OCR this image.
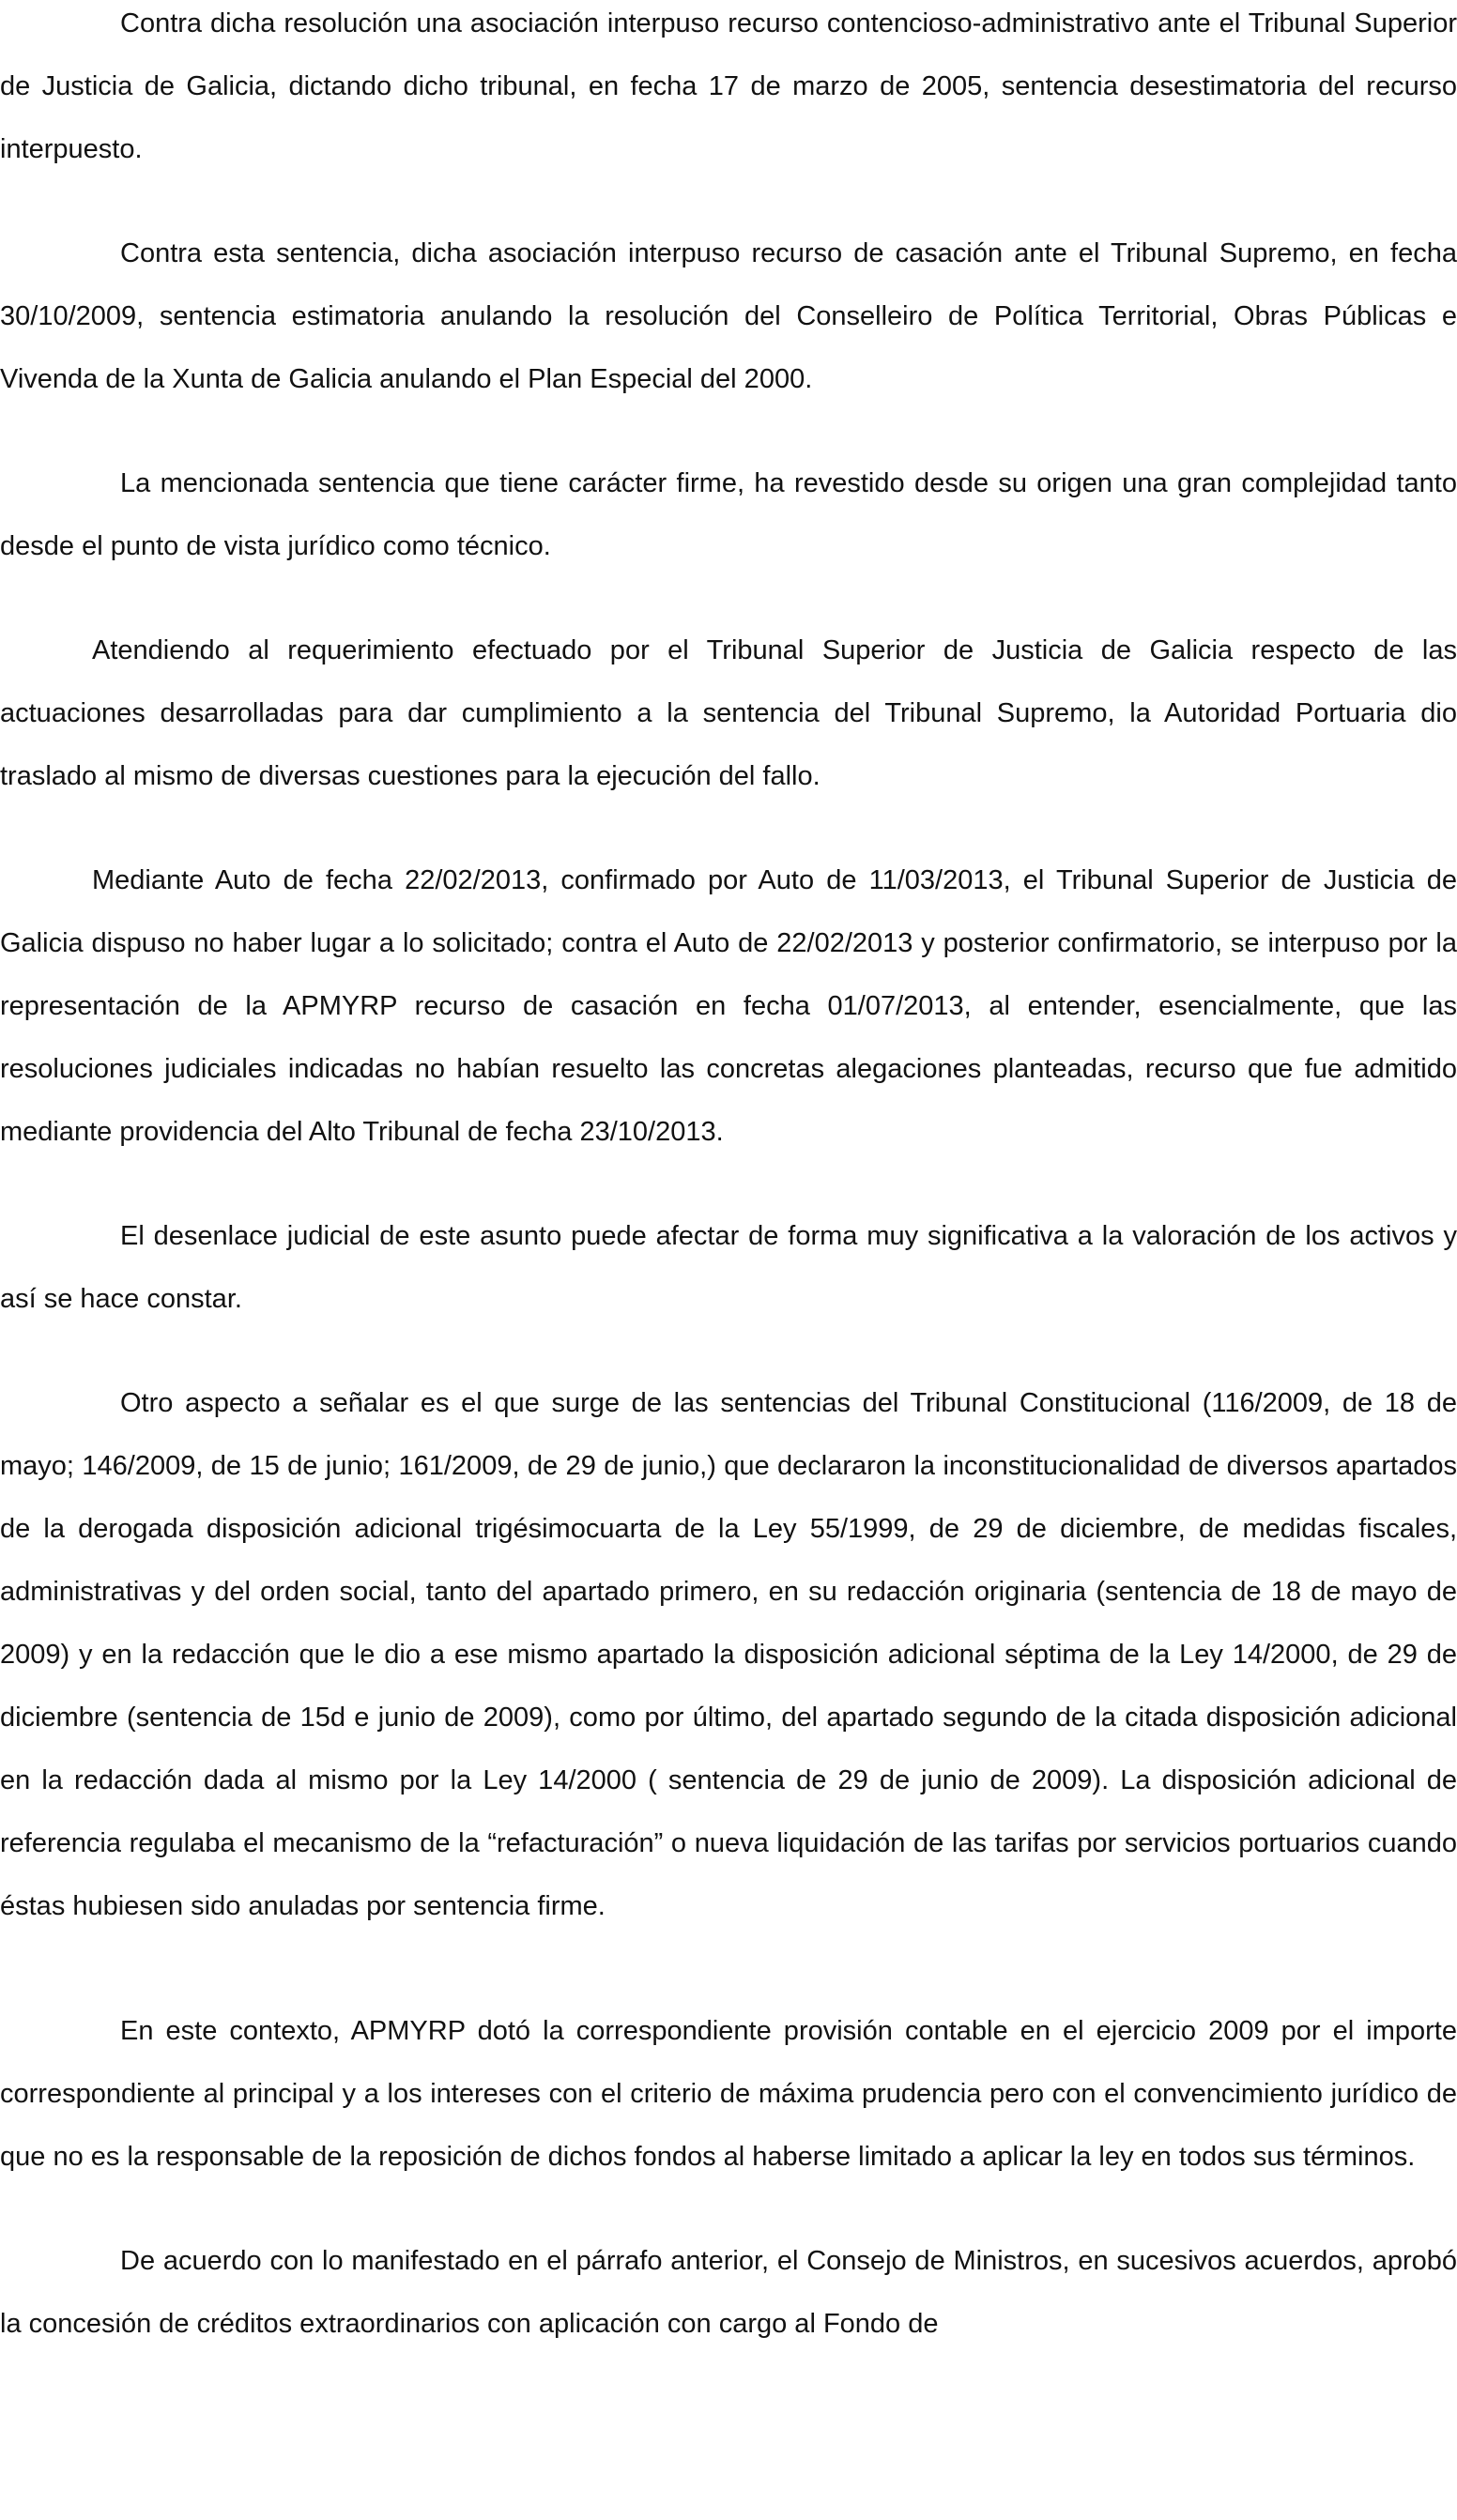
Contra dicha resolución una asociación interpuso recurso contencioso-administrativo ante el Tribunal Superior de Justicia de Galicia, dictando dicho tribunal, en fecha 17 de marzo de 2005, sentencia desestimatoria del recurso interpuesto.

Contra esta sentencia, dicha asociación interpuso recurso de casación ante el Tribunal Supremo, en fecha 30/10/2009, sentencia estimatoria anulando la resolución del Conselleiro de Política Territorial, Obras Públicas e Vivenda de la Xunta de Galicia anulando el Plan Especial del 2000.

La mencionada sentencia que tiene carácter firme, ha revestido desde su origen una gran complejidad tanto desde el punto de vista jurídico como técnico.

Atendiendo al requerimiento efectuado por el Tribunal Superior de Justicia de Galicia respecto de las actuaciones desarrolladas para dar cumplimiento a la sentencia del Tribunal Supremo, la Autoridad Portuaria dio traslado al mismo de diversas cuestiones para la ejecución del fallo.

Mediante Auto de fecha 22/02/2013, confirmado por Auto de 11/03/2013, el Tribunal Superior de Justicia de Galicia dispuso no haber lugar a lo solicitado; contra el Auto de 22/02/2013 y posterior confirmatorio, se interpuso por la representación de la APMYRP recurso de casación en fecha 01/07/2013, al entender, esencialmente, que las resoluciones judiciales indicadas no habían resuelto las concretas alegaciones planteadas, recurso que fue admitido mediante providencia del Alto Tribunal de fecha 23/10/2013.

El desenlace judicial de este asunto puede afectar de forma muy significativa a la valoración de los activos y así se hace constar.

Otro aspecto a señalar es el que surge de las sentencias del Tribunal Constitucional (116/2009, de 18 de mayo; 146/2009, de 15 de junio; 161/2009, de 29 de junio,) que declararon la inconstitucionalidad de diversos apartados de la derogada disposición adicional trigésimocuarta de la Ley 55/1999, de 29 de diciembre, de medidas fiscales, administrativas y del orden social, tanto del apartado primero, en su redacción originaria (sentencia de 18 de mayo de 2009) y en la redacción que le dio a ese mismo apartado la disposición adicional séptima de la Ley 14/2000, de 29 de diciembre (sentencia de 15d e junio de 2009), como por último, del apartado segundo de la citada disposición adicional en la redacción dada al mismo por la Ley 14/2000 ( sentencia de 29 de junio de 2009). La disposición adicional de referencia regulaba el mecanismo de la “refacturación” o nueva liquidación de las tarifas por servicios portuarios cuando éstas hubiesen sido anuladas por sentencia firme.

En este contexto, APMYRP dotó la correspondiente provisión contable en el ejercicio 2009 por el importe correspondiente al principal y a los intereses con el criterio de máxima prudencia pero con el convencimiento jurídico de que no es la responsable de la reposición de dichos fondos al haberse limitado a aplicar la ley en todos sus términos.

De acuerdo con lo manifestado en el párrafo anterior, el Consejo de Ministros, en sucesivos acuerdos, aprobó la concesión de créditos extraordinarios con aplicación con cargo al Fondo de
